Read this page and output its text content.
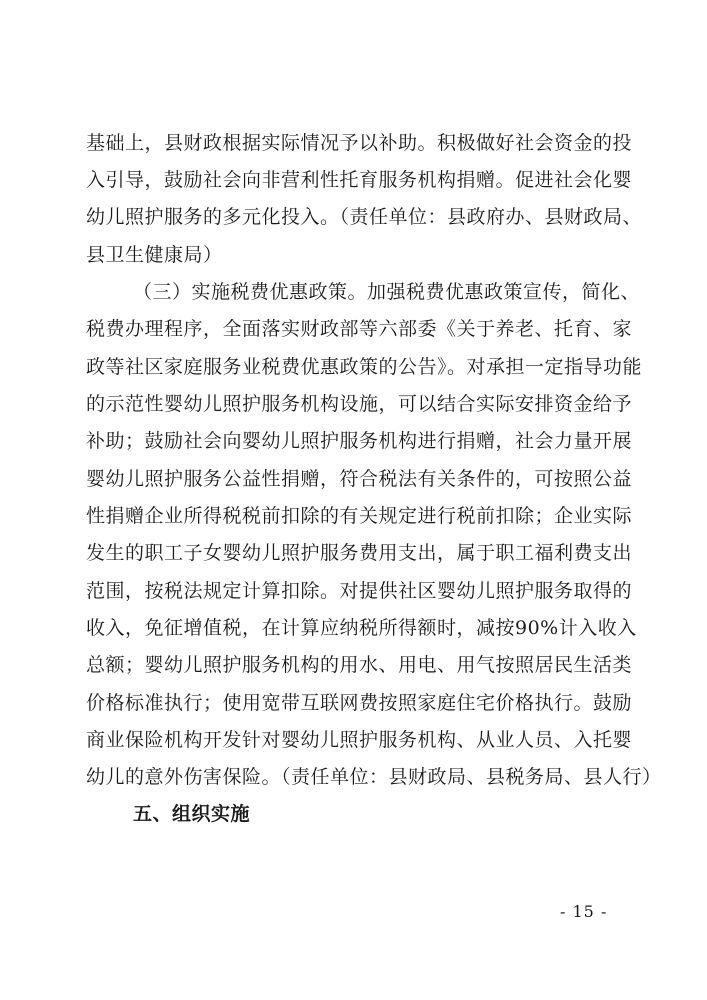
基础上，县财政根据实际情况予以补助。积极做好社会资金的投
入引导，鼓励社会向非营利性托育服务机构捐赠。促进社会化婴
幼儿照护服务的多元化投入。（责任单位：县政府办、县财政局、
县卫生健康局）
（三）实施税费优惠政策。加强税费优惠政策宣传，简化、
税费办理程序，全面落实财政部等六部委《关于养老、托育、家
政等社区家庭服务业税费优惠政策的公告》。对承担一定指导功能
的示范性婴幼儿照护服务机构设施，可以结合实际安排资金给予
补助；鼓励社会向婴幼儿照护服务机构进行捐赠，社会力量开展
婴幼儿照护服务公益性捐赠，符合税法有关条件的，可按照公益
性捐赠企业所得税税前扣除的有关规定进行税前扣除；企业实际
发生的职工子女婴幼儿照护服务费用支出，属于职工福利费支出
范围，按税法规定计算扣除。对提供社区婴幼儿照护服务取得的
收入，免征增值税，在计算应纳税所得额时，减按90%计入收入
总额；婴幼儿照护服务机构的用水、用电、用气按照居民生活类
价格标准执行；使用宽带互联网费按照家庭住宅价格执行。鼓励
商业保险机构开发针对婴幼儿照护服务机构、从业人员、入托婴
幼儿的意外伤害保险。（责任单位：县财政局、县税务局、县人行）
五、组织实施
- 15 -
